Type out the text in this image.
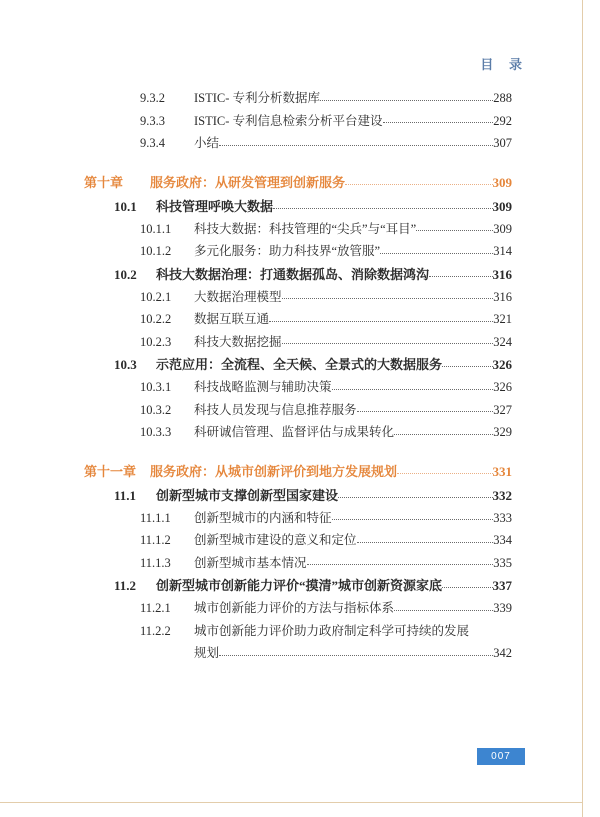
目 录
9.3.2	ISTIC- 专利分析数据库	288
9.3.3	ISTIC- 专利信息检索分析平台建设	292
9.3.4	小结	307
第十章	服务政府：从研发管理到创新服务	309
10.1	科技管理呼唤大数据	309
10.1.1	科技大数据：科技管理的“尖兵”与“耳目”	309
10.1.2	多元化服务：助力科技界“放管服”	314
10.2	科技大数据治理：打通数据孤岛、消除数据鸿沟	316
10.2.1	大数据治理模型	316
10.2.2	数据互联互通	321
10.2.3	科技大数据挖掘	324
10.3	示范应用：全流程、全天候、全景式的大数据服务	326
10.3.1	科技战略监测与辅助决策	326
10.3.2	科技人员发现与信息推荐服务	327
10.3.3	科研诚信管理、监督评估与成果转化	329
第十一章	服务政府：从城市创新评价到地方发展规划	331
11.1	创新型城市支撑创新型国家建设	332
11.1.1	创新型城市的内涵和特征	333
11.1.2	创新型城市建设的意义和定位	334
11.1.3	创新型城市基本情况	335
11.2	创新型城市创新能力评价“摸清”城市创新资源家底	337
11.2.1	城市创新能力评价的方法与指标体系	339
11.2.2	城市创新能力评价助力政府制定科学可持续的发展
规划	342
007
